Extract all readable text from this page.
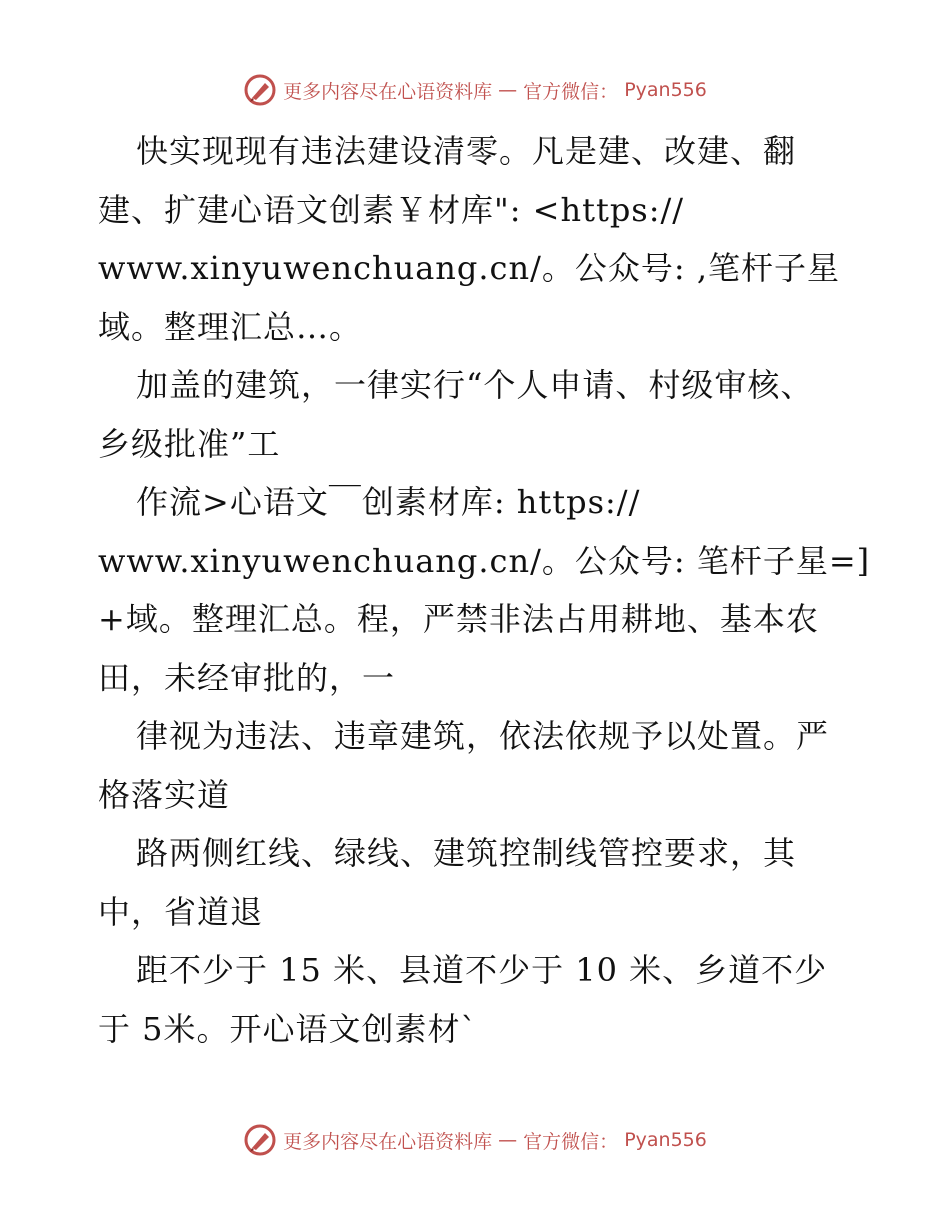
更多内容尽在心语资料库 — 官方微信： Pyan556
快实现现有违法建设清零。凡是建、改建、翻
建、扩建心语文创素￥材库": <https://
www.xinyuwenchuang.cn/。公众号: ,笔杆子星
域。整理汇总…。
加盖的建筑，一律实行“个人申请、村级审核、
乡级批准”工
作流>心语文￣创素材库: https://
www.xinyuwenchuang.cn/。公众号: 笔杆子星=]
+域。整理汇总。程，严禁非法占用耕地、基本农
田，未经审批的，一
律视为违法、违章建筑，依法依规予以处置。严
格落实道
路两侧红线、绿线、建筑控制线管控要求，其
中，省道退
距不少于 15 米、县道不少于 10 米、乡道不少
于 5米。开心语文创素材`
更多内容尽在心语资料库 — 官方微信： Pyan556
